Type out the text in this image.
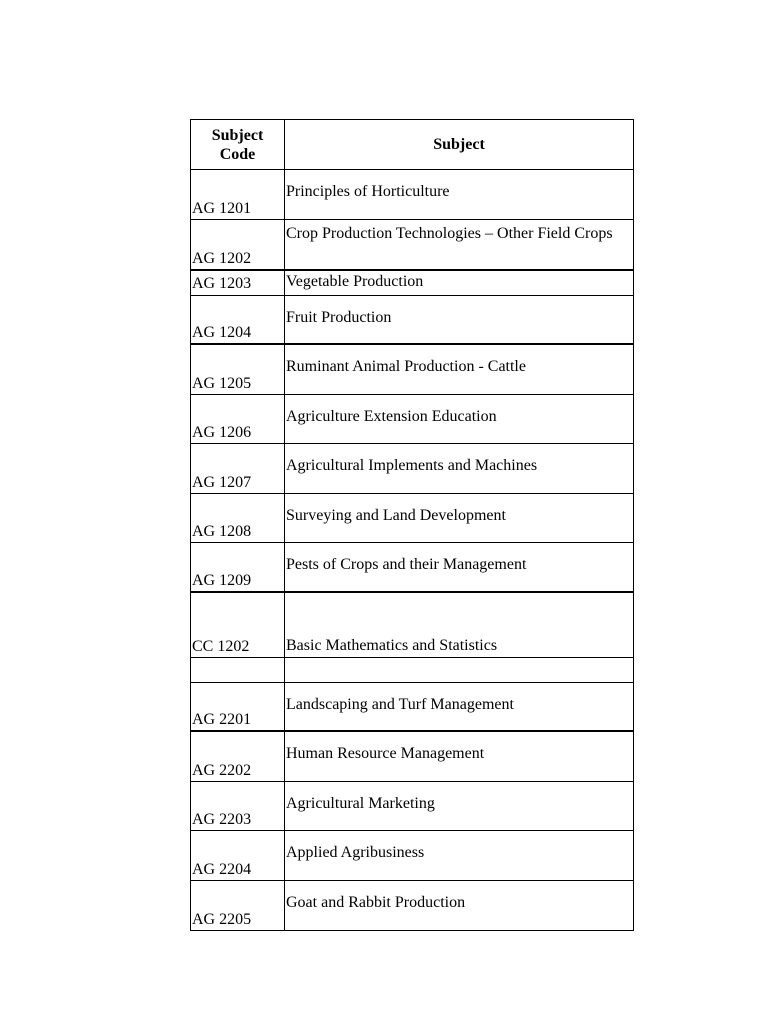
Subject
Code
Subject
AG 1201
Principles of Horticulture
AG 1202
Crop Production Technologies – Other Field Crops
AG 1203	Vegetable Production
AG 1204
Fruit Production
AG 1205
Ruminant Animal Production - Cattle
AG 1206
Agriculture Extension Education
AG 1207
Agricultural Implements and Machines
AG 1208
Surveying and Land Development
AG 1209
Pests of Crops and their Management
CC 1202	Basic Mathematics and Statistics
AG 2201
Landscaping and Turf Management
AG 2202
Human Resource Management
AG 2203
Agricultural Marketing
AG 2204
Applied Agribusiness
AG 2205
Goat and Rabbit Production
